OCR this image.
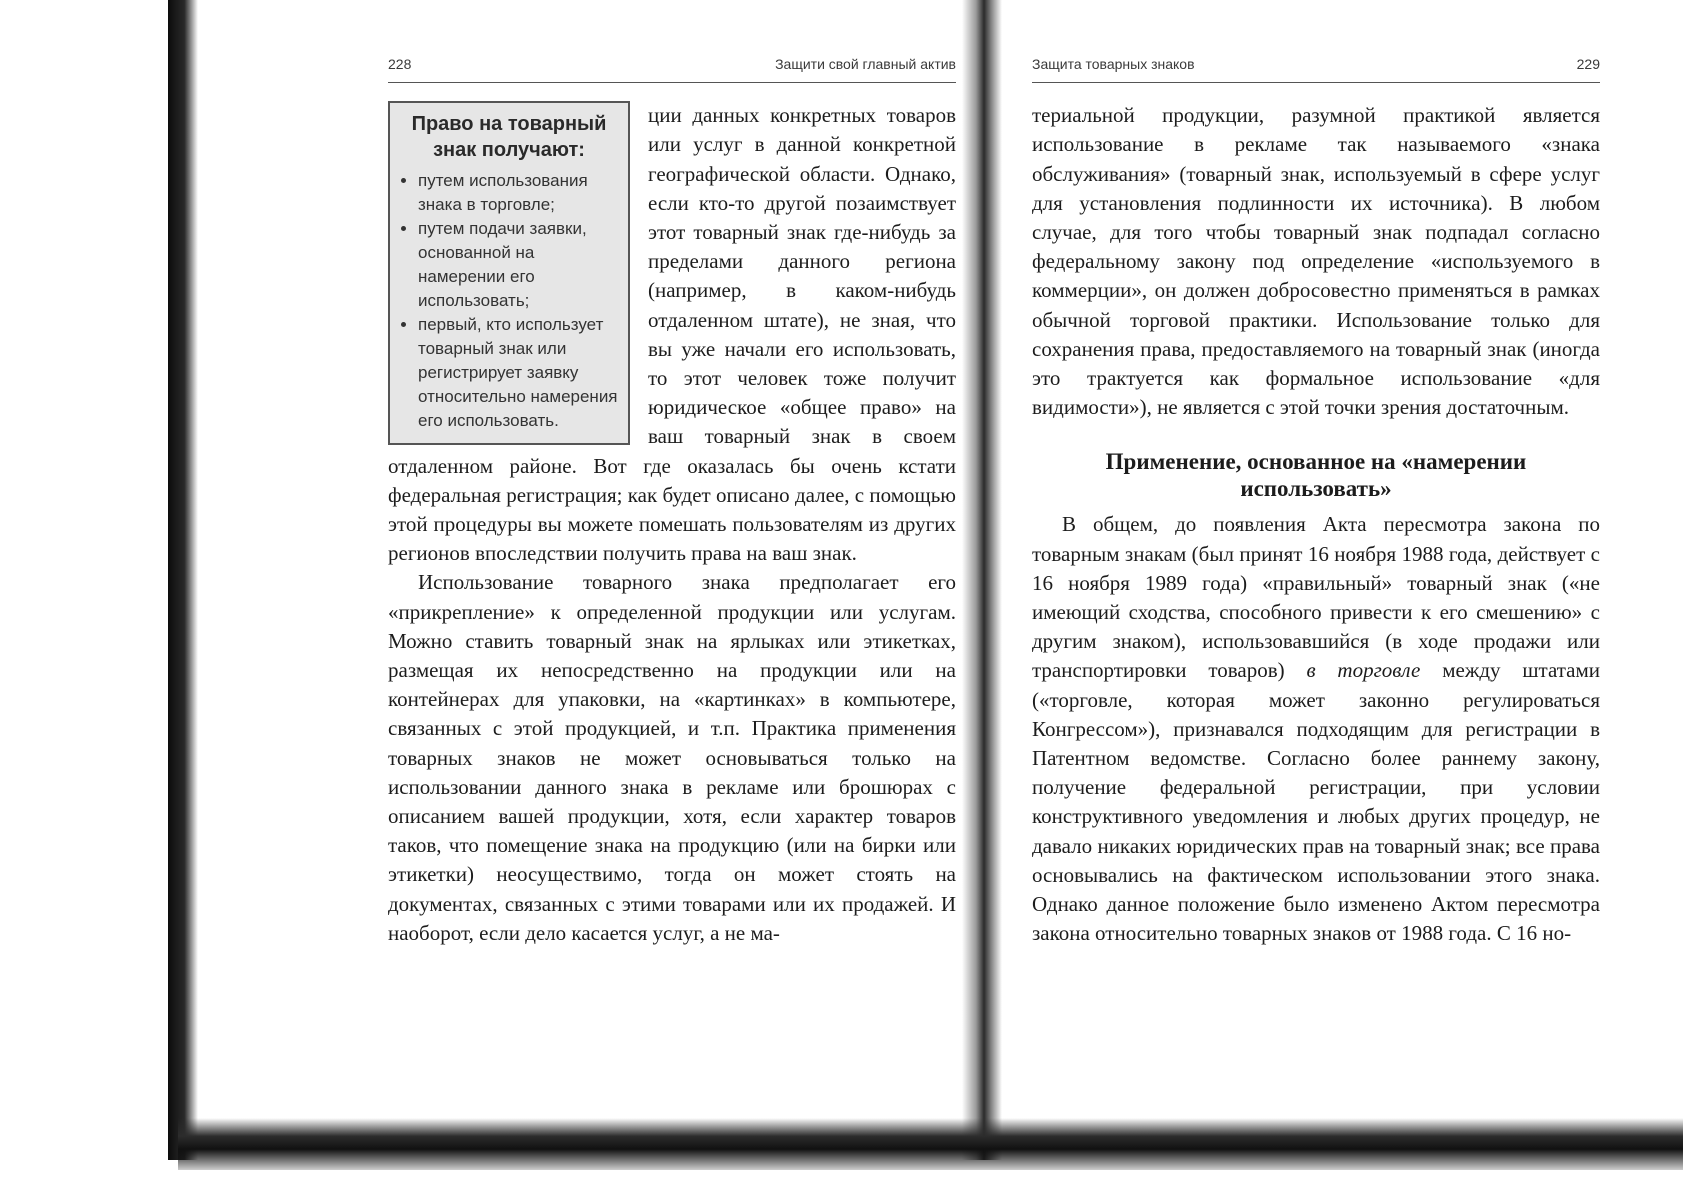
228	Защити свой главный актив
Право на товарный знак получают:
• путем использования знака в торговле;
• путем подачи заявки, основанной на намерении его использовать;
• первый, кто использует товарный знак или регистрирует заявку относительно намерения его использовать.

ции данных конкретных товаров или услуг в данной конкретной географической области. Однако, если кто-то другой позаимствует этот товарный знак где-нибудь за пределами данного региона (например, в каком-нибудь отдаленном штате), не зная, что вы уже начали его использовать, то этот человек тоже получит юридическое «общее право» на ваш товарный знак в своем отдаленном районе. Вот где оказалась бы очень кстати федеральная регистрация; как будет описано далее, с помощью этой процедуры вы можете помешать пользователям из других регионов впоследствии получить права на ваш знак.

Использование товарного знака предполагает его «прикрепление» к определенной продукции или услугам. Можно ставить товарный знак на ярлыках или этикетках, размещая их непосредственно на продукции или на контейнерах для упаковки, на «картинках» в компьютере, связанных с этой продукцией, и т.п. Практика применения товарных знаков не может основываться только на использовании данного знака в рекламе или брошюрах с описанием вашей продукции, хотя, если характер товаров таков, что помещение знака на продукцию (или на бирки или этикетки) неосуществимо, тогда он может стоять на документах, связанных с этими товарами или их продажей. И наоборот, если дело касается услуг, а не ма-

Защита товарных знаков	229

териальной продукции, разумной практикой является использование в рекламе так называемого «знака обслуживания» (товарный знак, используемый в сфере услуг для установления подлинности их источника). В любом случае, для того чтобы товарный знак подпадал согласно федеральному закону под определение «используемого в коммерции», он должен добросовестно применяться в рамках обычной торговой практики. Использование только для сохранения права, предоставляемого на товарный знак (иногда это трактуется как формальное использование «для видимости»), не является с этой точки зрения достаточным.

Применение, основанное на «намерении использовать»

В общем, до появления Акта пересмотра закона по товарным знакам (был принят 16 ноября 1988 года, действует с 16 ноября 1989 года) «правильный» товарный знак («не имеющий сходства, способного привести к его смешению» с другим знаком), использовавшийся (в ходе продажи или транспортировки товаров) в торговле между штатами («торговле, которая может законно регулироваться Конгрессом»), признавался подходящим для регистрации в Патентном ведомстве. Согласно более раннему закону, получение федеральной регистрации, при условии конструктивного уведомления и любых других процедур, не давало никаких юридических прав на товарный знак; все права основывались на фактическом использовании этого знака. Однако данное положение было изменено Актом пересмотра закона относительно товарных знаков от 1988 года. С 16 но-
